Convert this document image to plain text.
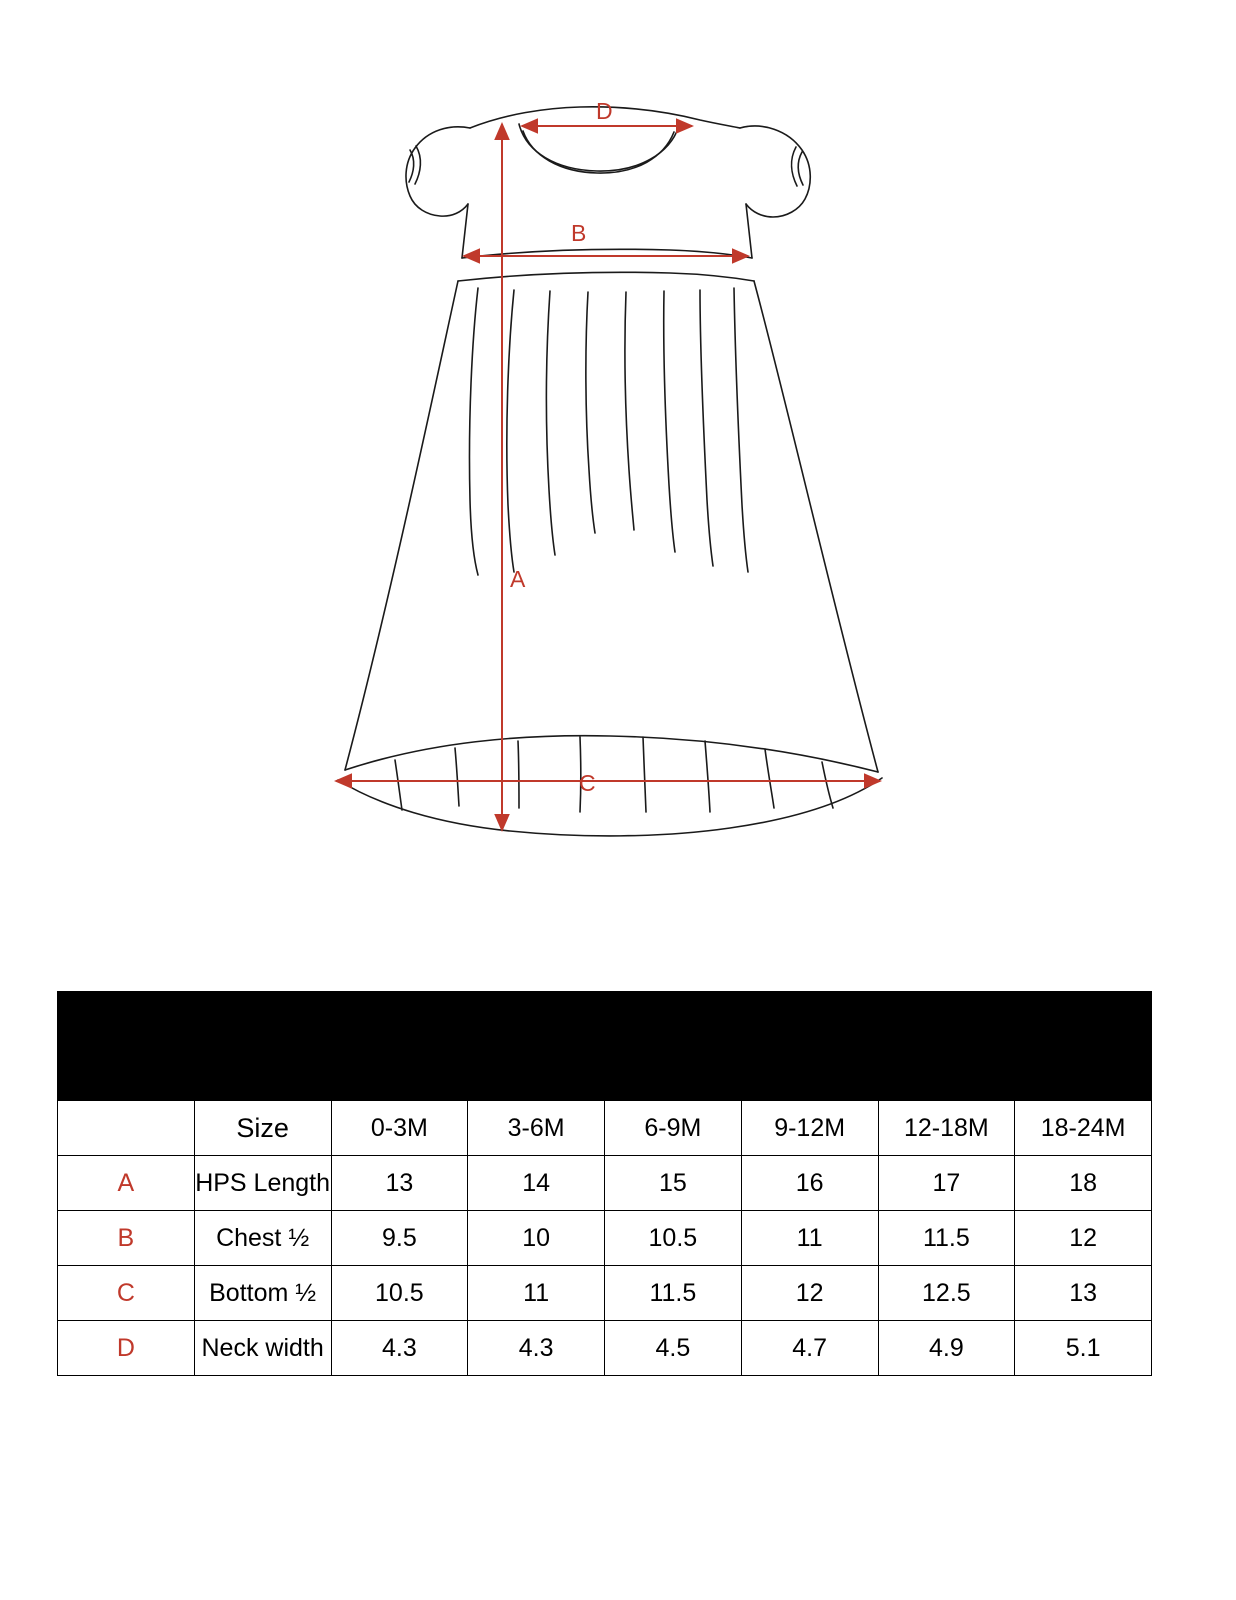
D
B
C
A

	Size	0-3M	3-6M	6-9M	9-12M	12-18M	18-24M
A	HPS Length	13	14	15	16	17	18
B	Chest ½	9.5	10	10.5	11	11.5	12
C	Bottom ½	10.5	11	11.5	12	12.5	13
D	Neck width	4.3	4.3	4.5	4.7	4.9	5.1
